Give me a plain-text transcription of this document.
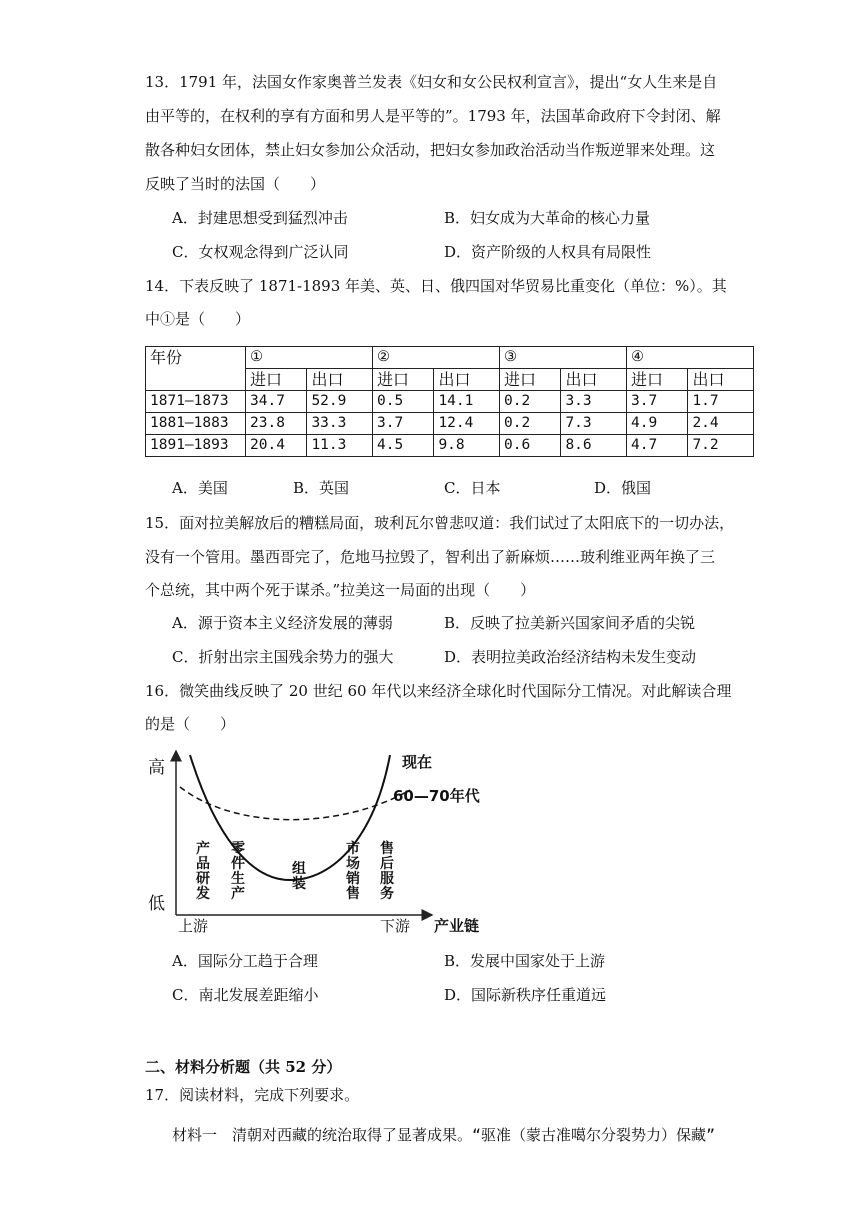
13．1791 年，法国女作家奥普兰发表《妇女和女公民权利宣言》，提出“女人生来是自
由平等的，在权利的享有方面和男人是平等的”。1793 年，法国革命政府下令封闭、解
散各种妇女团体，禁止妇女参加公众活动，把妇女参加政治活动当作叛逆罪来处理。这
反映了当时的法国（　　）
A．封建思想受到猛烈冲击	B．妇女成为大革命的核心力量
C．女权观念得到广泛认同	D．资产阶级的人权具有局限性
14．下表反映了 1871-1893 年美、英、日、俄四国对华贸易比重变化（单位：%）。其
中①是（　　）
年份	①		②		③		④	
	进口	出口	进口	出口	进口	出口	进口	出口
1871—1873	34.7	52.9	0.5	14.1	0.2	3.3	3.7	1.7
1881—1883	23.8	33.3	3.7	12.4	0.2	7.3	4.9	2.4
1891—1893	20.4	11.3	4.5	9.8	0.6	8.6	4.7	7.2
A．美国	B．英国	C．日本	D．俄国
15．面对拉美解放后的糟糕局面，玻利瓦尔曾悲叹道：我们试过了太阳底下的一切办法，
没有一个管用。墨西哥完了，危地马拉毁了，智利出了新麻烦……玻利维亚两年换了三
个总统，其中两个死于谋杀。”拉美这一局面的出现（　　）
A．源于资本主义经济发展的薄弱	B．反映了拉美新兴国家间矛盾的尖锐
C．折射出宗主国残余势力的强大	D．表明拉美政治经济结构未发生变动
16．微笑曲线反映了 20 世纪 60 年代以来经济全球化时代国际分工情况。对此解读合理
的是（　　）
高
低
上游	下游 产业链
现在
60—70年代
产品研发
零件生产
组装
市场销售
售后服务
A．国际分工趋于合理	B．发展中国家处于上游
C．南北发展差距缩小	D．国际新秩序任重道远
二、材料分析题（共 52 分）
17．阅读材料，完成下列要求。
材料一　清朝对西藏的统治取得了显著成果。“驱准（蒙古准噶尔分裂势力）保藏”
